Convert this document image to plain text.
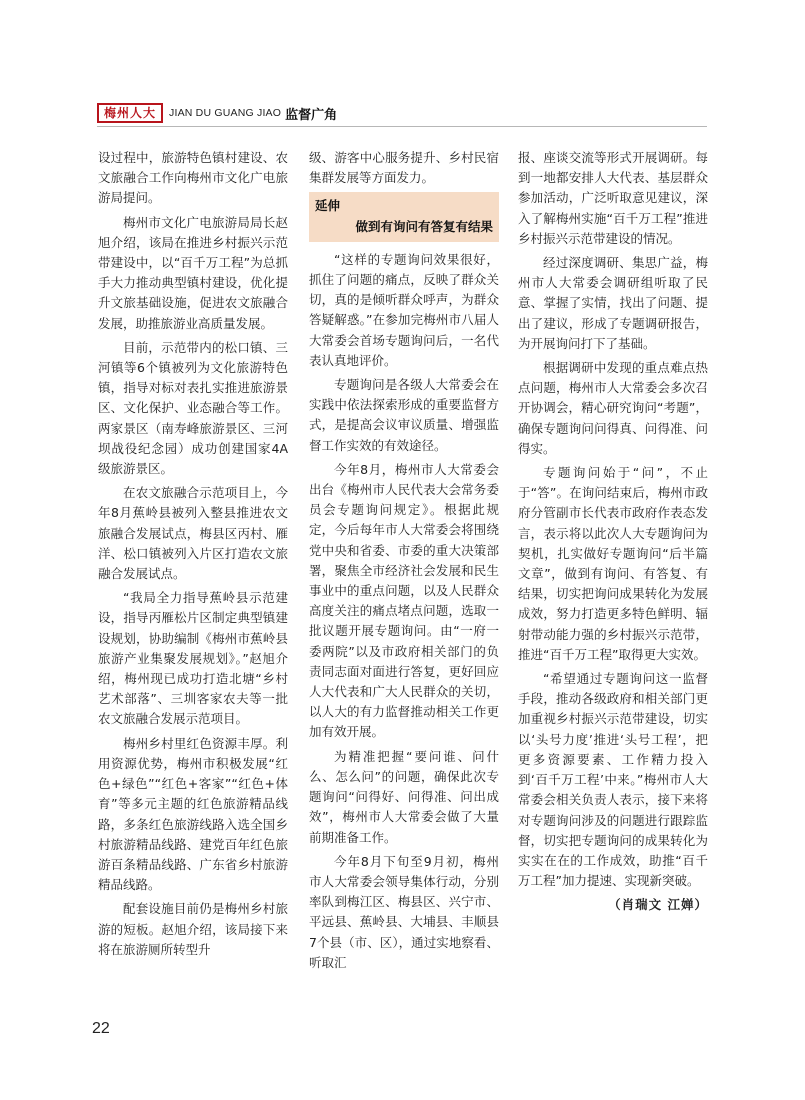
梅州人大	JIAN DU GUANG JIAO 监督广角

设过程中，旅游特色镇村建设、农文旅融合工作向梅州市文化广电旅游局提问。

梅州市文化广电旅游局局长赵旭介绍，该局在推进乡村振兴示范带建设中，以“百千万工程”为总抓手大力推动典型镇村建设，优化提升文旅基础设施，促进农文旅融合发展，助推旅游业高质量发展。

目前，示范带内的松口镇、三河镇等6个镇被列为文化旅游特色镇，指导对标对表扎实推进旅游景区、文化保护、业态融合等工作。两家景区（南寿峰旅游景区、三河坝战役纪念园）成功创建国家4A级旅游景区。

在农文旅融合示范项目上，今年8月蕉岭县被列入整县推进农文旅融合发展试点，梅县区丙村、雁洋、松口镇被列入片区打造农文旅融合发展试点。

“我局全力指导蕉岭县示范建设，指导丙雁松片区制定典型镇建设规划，协助编制《梅州市蕉岭县旅游产业集聚发展规划》。”赵旭介绍，梅州现已成功打造北塘“乡村艺术部落”、三圳客家农夫等一批农文旅融合发展示范项目。

梅州乡村里红色资源丰厚。利用资源优势，梅州市积极发展“红色+绿色”“红色+客家”“红色+体育”等多元主题的红色旅游精品线路，多条红色旅游线路入选全国乡村旅游精品线路、建党百年红色旅游百条精品线路、广东省乡村旅游精品线路。

配套设施目前仍是梅州乡村旅游的短板。赵旭介绍，该局接下来将在旅游厕所转型升

级、游客中心服务提升、乡村民宿集群发展等方面发力。

延伸
做到有询问有答复有结果

“这样的专题询问效果很好，抓住了问题的痛点，反映了群众关切，真的是倾听群众呼声，为群众答疑解惑。”在参加完梅州市八届人大常委会首场专题询问后，一名代表认真地评价。

专题询问是各级人大常委会在实践中依法探索形成的重要监督方式，是提高会议审议质量、增强监督工作实效的有效途径。

今年8月，梅州市人大常委会出台《梅州市人民代表大会常务委员会专题询问规定》。根据此规定，今后每年市人大常委会将围绕党中央和省委、市委的重大决策部署，聚焦全市经济社会发展和民生事业中的重点问题，以及人民群众高度关注的痛点堵点问题，选取一批议题开展专题询问。由“一府一委两院”以及市政府相关部门的负责同志面对面进行答复，更好回应人大代表和广大人民群众的关切，以人大的有力监督推动相关工作更加有效开展。

为精准把握“要问谁、问什么、怎么问”的问题，确保此次专题询问“问得好、问得准、问出成效”，梅州市人大常委会做了大量前期准备工作。

今年8月下旬至9月初，梅州市人大常委会领导集体行动，分别率队到梅江区、梅县区、兴宁市、平远县、蕉岭县、大埔县、丰顺县7个县（市、区），通过实地察看、听取汇

报、座谈交流等形式开展调研。每到一地都安排人大代表、基层群众参加活动，广泛听取意见建议，深入了解梅州实施“百千万工程”推进乡村振兴示范带建设的情况。

经过深度调研、集思广益，梅州市人大常委会调研组听取了民意、掌握了实情，找出了问题、提出了建议，形成了专题调研报告，为开展询问打下了基础。

根据调研中发现的重点难点热点问题，梅州市人大常委会多次召开协调会，精心研究询问“考题”，确保专题询问问得真、问得准、问得实。

专题询问始于“问”，不止于“答”。在询问结束后，梅州市政府分管副市长代表市政府作表态发言，表示将以此次人大专题询问为契机，扎实做好专题询问“后半篇文章”，做到有询问、有答复、有结果，切实把询问成果转化为发展成效，努力打造更多特色鲜明、辐射带动能力强的乡村振兴示范带，推进“百千万工程”取得更大实效。

“希望通过专题询问这一监督手段，推动各级政府和相关部门更加重视乡村振兴示范带建设，切实以‘头号力度’推进‘头号工程’，把更多资源要素、工作精力投入到‘百千万工程’中来。”梅州市人大常委会相关负责人表示，接下来将对专题询问涉及的问题进行跟踪监督，切实把专题询问的成果转化为实实在在的工作成效，助推“百千万工程”加力提速、实现新突破。

（肖瑞文 江婵）
22
